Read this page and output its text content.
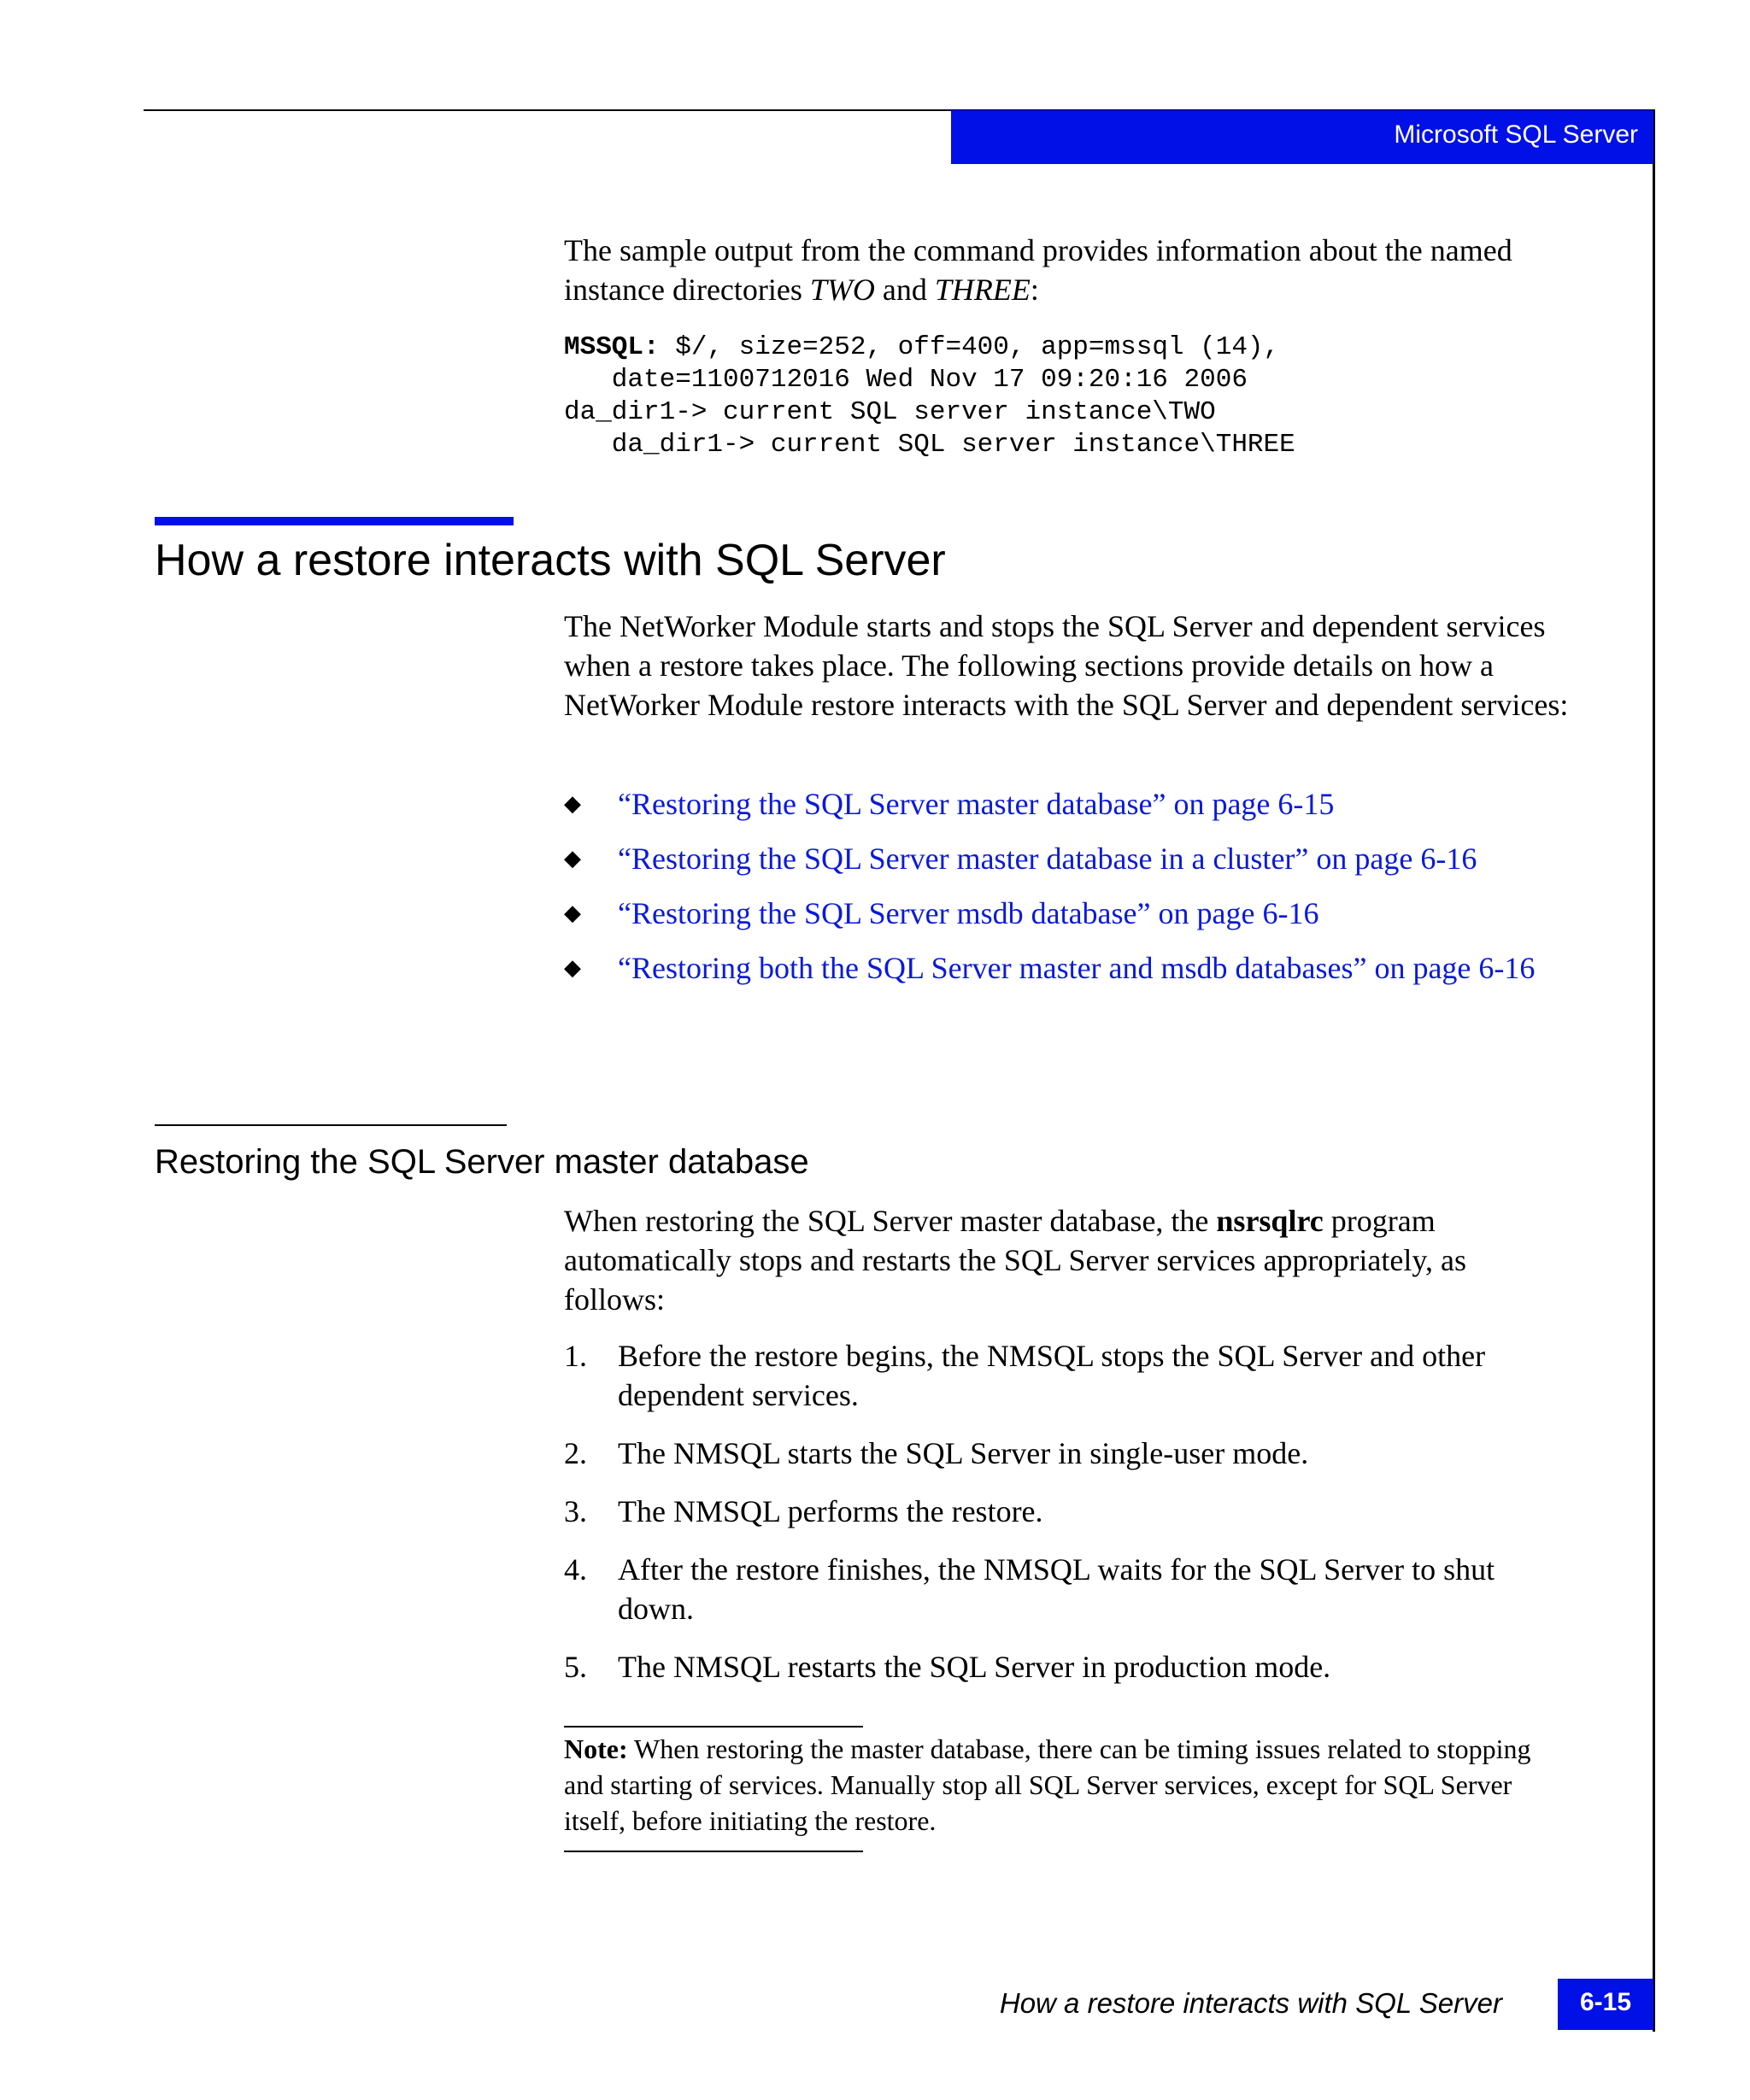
Microsoft SQL Server
The sample output from the command provides information about the named instance directories TWO and THREE:
MSSQL: $/, size=252, off=400, app=mssql (14),
date=1100712016 Wed Nov 17 09:20:16 2006
da_dir1-> current SQL server instance\TWO
da_dir1-> current SQL server instance\THREE
How a restore interacts with SQL Server
The NetWorker Module starts and stops the SQL Server and dependent services when a restore takes place. The following sections provide details on how a NetWorker Module restore interacts with the SQL Server and dependent services:
◆ “Restoring the SQL Server master database” on page 6-15
◆ “Restoring the SQL Server master database in a cluster” on page 6-16
◆ “Restoring the SQL Server msdb database” on page 6-16
◆ “Restoring both the SQL Server master and msdb databases” on page 6-16
Restoring the SQL Server master database
When restoring the SQL Server master database, the nsrsqlrc program automatically stops and restarts the SQL Server services appropriately, as follows:
1. Before the restore begins, the NMSQL stops the SQL Server and other dependent services.
2. The NMSQL starts the SQL Server in single-user mode.
3. The NMSQL performs the restore.
4. After the restore finishes, the NMSQL waits for the SQL Server to shut down.
5. The NMSQL restarts the SQL Server in production mode.
Note: When restoring the master database, there can be timing issues related to stopping and starting of services. Manually stop all SQL Server services, except for SQL Server itself, before initiating the restore.
How a restore interacts with SQL Server	6-15
